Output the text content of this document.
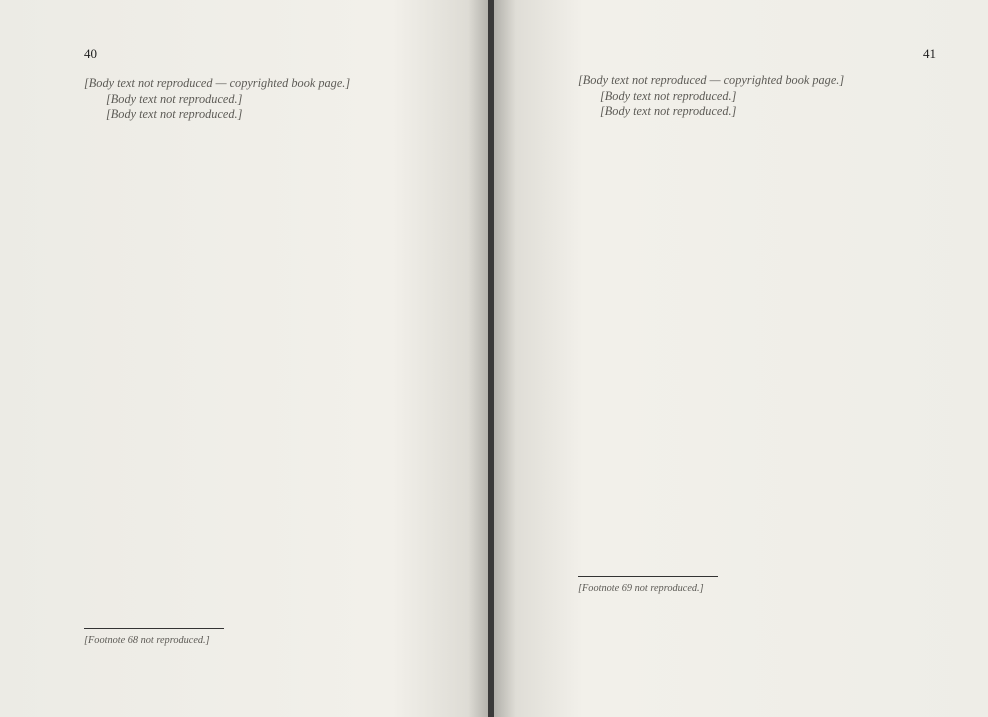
40

[Body text not reproduced — copyrighted book page.]

[Body text not reproduced.]

[Body text not reproduced.]

[Footnote 68 not reproduced.]
41

[Body text not reproduced — copyrighted book page.]

[Body text not reproduced.]

[Body text not reproduced.]

[Footnote 69 not reproduced.]
